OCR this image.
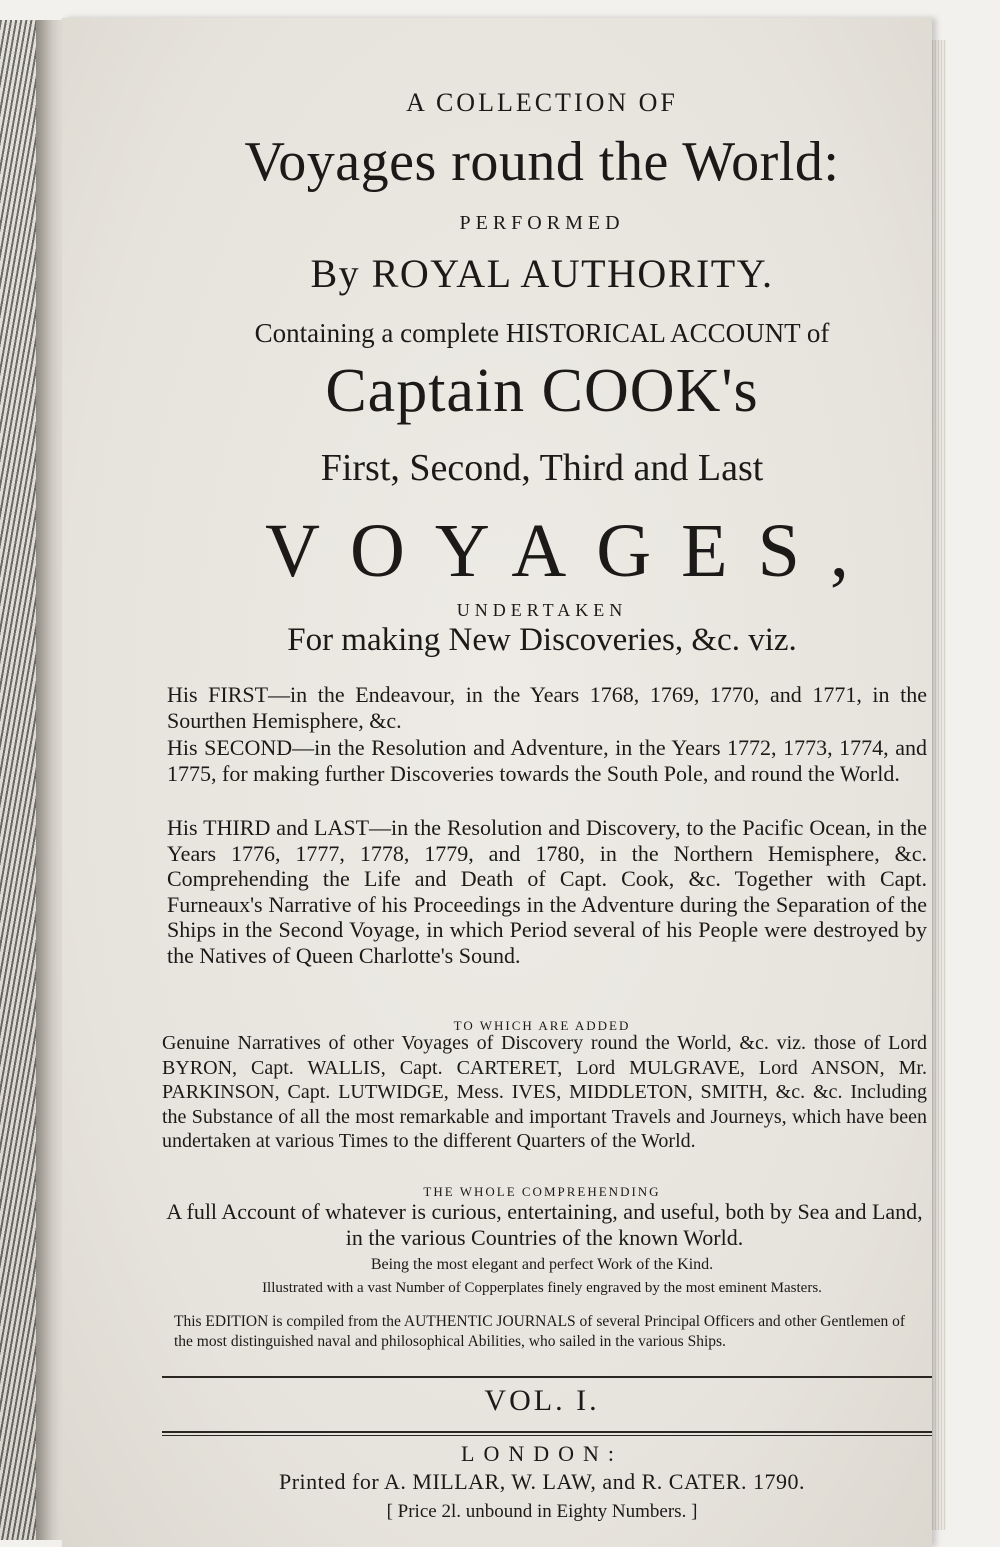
A COLLECTION OF
Voyages round the World:
PERFORMED
By ROYAL AUTHORITY.
Containing a complete HISTORICAL ACCOUNT of
Captain COOK's
First, Second, Third and Last
VOYAGES,
UNDERTAKEN
For making New Discoveries, &c. viz.
His FIRST—in the Endeavour, in the Years 1768, 1769, 1770, and 1771, in the Sourthen Hemisphere, &c.
His SECOND—in the Resolution and Adventure, in the Years 1772, 1773, 1774, and 1775, for making further Discoveries towards the South Pole, and round the World.
His THIRD and LAST—in the Resolution and Discovery, to the Pacific Ocean, in the Years 1776, 1777, 1778, 1779, and 1780, in the Northern Hemisphere, &c. Comprehending the Life and Death of Capt. Cook, &c. Together with Capt. Furneaux's Narrative of his Proceedings in the Adventure during the Separation of the Ships in the Second Voyage, in which Period several of his People were destroyed by the Natives of Queen Charlotte's Sound.
TO WHICH ARE ADDED
Genuine Narratives of other Voyages of Discovery round the World, &c. viz. those of Lord BYRON, Capt. WALLIS, Capt. CARTERET, Lord MULGRAVE, Lord ANSON, Mr. PARKINSON, Capt. LUTWIDGE, Mess. IVES, MIDDLETON, SMITH, &c. &c. Including the Substance of all the most remarkable and important Travels and Journeys, which have been undertaken at various Times to the different Quarters of the World.
THE WHOLE COMPREHENDING
A full Account of whatever is curious, entertaining, and useful, both by Sea and Land, in the various Countries of the known World.
Being the most elegant and perfect Work of the Kind.
Illustrated with a vast Number of Copperplates finely engraved by the most eminent Masters.
This EDITION is compiled from the AUTHENTIC JOURNALS of several Principal Officers and other Gentlemen of the most distinguished naval and philosophical Abilities, who sailed in the various Ships.
VOL. I.
LONDON:
Printed for A. MILLAR, W. LAW, and R. CATER. 1790.
[ Price 2l. unbound in Eighty Numbers. ]
